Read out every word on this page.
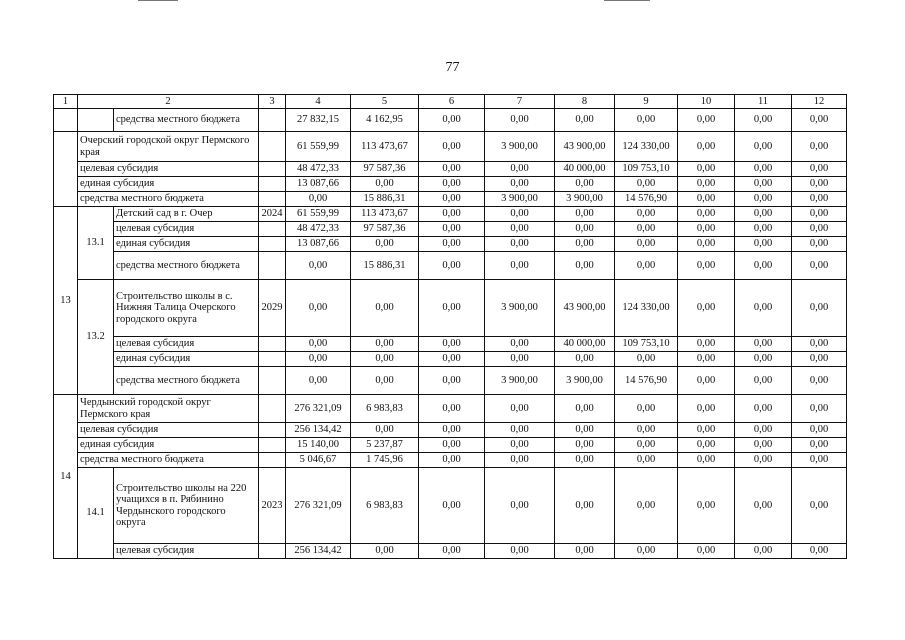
77
1	2		3	4	5	6	7	8	9	10	11	12
		средства местного бюджета		27 832,15	4 162,95	0,00	0,00	0,00	0,00	0,00	0,00	0,00
	Очерский городской округ Пермского края			61 559,99	113 473,67	0,00	3 900,00	43 900,00	124 330,00	0,00	0,00	0,00
	целевая субсидия			48 472,33	97 587,36	0,00	0,00	40 000,00	109 753,10	0,00	0,00	0,00
	единая субсидия			13 087,66	0,00	0,00	0,00	0,00	0,00	0,00	0,00	0,00
	средства местного бюджета			0,00	15 886,31	0,00	3 900,00	3 900,00	14 576,90	0,00	0,00	0,00
13	13.1	Детский сад в г. Очер	2024	61 559,99	113 473,67	0,00	0,00	0,00	0,00	0,00	0,00	0,00
		целевая субсидия		48 472,33	97 587,36	0,00	0,00	0,00	0,00	0,00	0,00	0,00
		единая субсидия		13 087,66	0,00	0,00	0,00	0,00	0,00	0,00	0,00	0,00
		средства местного бюджета		0,00	15 886,31	0,00	0,00	0,00	0,00	0,00	0,00	0,00
	13.2	Строительство школы в с. Нижняя Талица Очерского городского округа	2029	0,00	0,00	0,00	3 900,00	43 900,00	124 330,00	0,00	0,00	0,00
		целевая субсидия		0,00	0,00	0,00	0,00	40 000,00	109 753,10	0,00	0,00	0,00
		единая субсидия		0,00	0,00	0,00	0,00	0,00	0,00	0,00	0,00	0,00
		средства местного бюджета		0,00	0,00	0,00	3 900,00	3 900,00	14 576,90	0,00	0,00	0,00
14	Чердынский городской округ Пермского края			276 321,09	6 983,83	0,00	0,00	0,00	0,00	0,00	0,00	0,00
	целевая субсидия			256 134,42	0,00	0,00	0,00	0,00	0,00	0,00	0,00	0,00
	единая субсидия			15 140,00	5 237,87	0,00	0,00	0,00	0,00	0,00	0,00	0,00
	средства местного бюджета			5 046,67	1 745,96	0,00	0,00	0,00	0,00	0,00	0,00	0,00
	14.1	Строительство школы на 220 учащихся в п. Рябинино Чердынского городского округа	2023	276 321,09	6 983,83	0,00	0,00	0,00	0,00	0,00	0,00	0,00
		целевая субсидия		256 134,42	0,00	0,00	0,00	0,00	0,00	0,00	0,00	0,00
